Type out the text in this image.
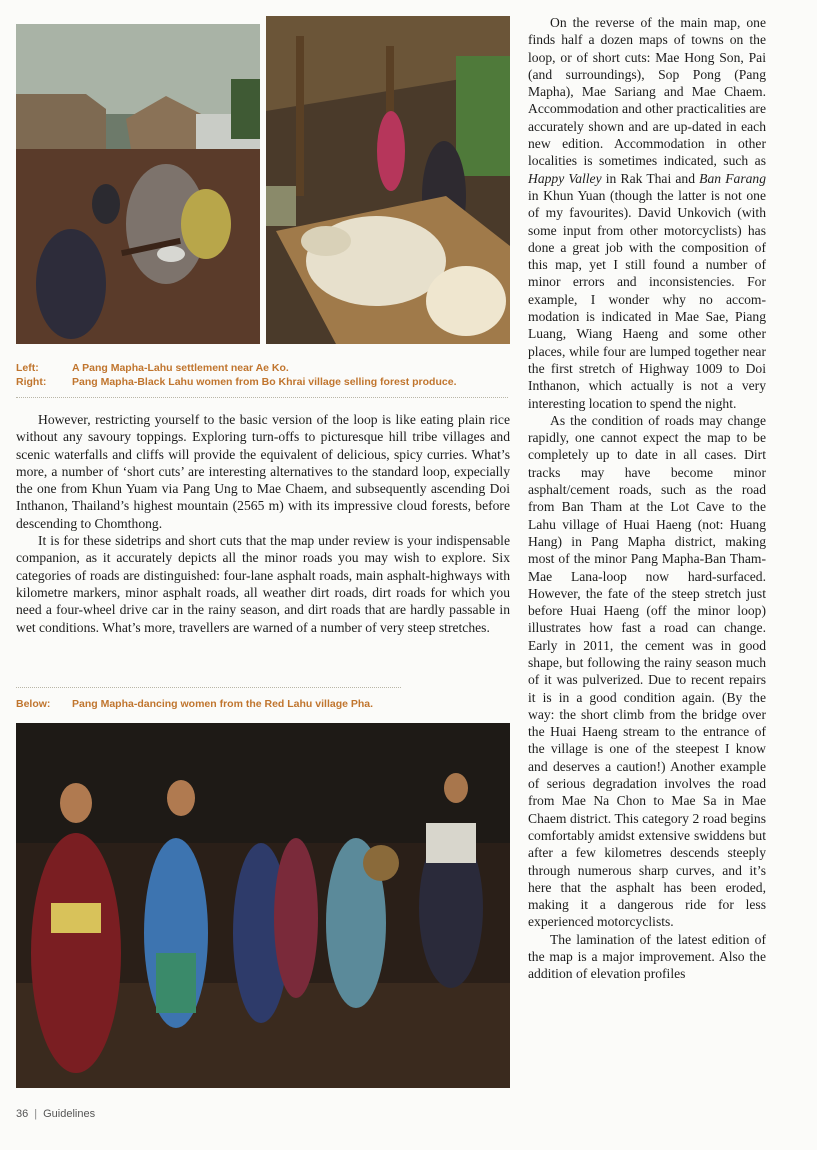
Left:	A Pang Mapha-Lahu settlement near Ae Ko.
Right: Pang Mapha-Black Lahu women from Bo Khrai village selling forest produce.

However, restricting yourself to the basic version of the loop is like eating plain rice without any savoury toppings. Exploring turn-offs to picturesque hill tribe villages and scenic waterfalls and cliffs will provide the equivalent of delicious, spicy curries. What’s more, a number of ‘short cuts’ are interesting alternatives to the standard loop, expecially the one from Khun Yuam via Pang Ung to Mae Chaem, and subsequently ascending Doi Inthanon, Thailand’s highest mountain (2565 m) with its impressive cloud forests, before descending to Chomthong.

It is for these sidetrips and short cuts that the map under review is your indispensable companion, as it accurately depicts all the minor roads you may wish to explore. Six categories of roads are distinguished: four-lane asphalt roads, main asphalt-highways with kilometre markers, minor asphalt roads, all weather dirt roads, dirt roads for which you need a four-wheel drive car in the rainy season, and dirt roads that are hardly passable in wet conditions. What’s more, travellers are warned of a number of very steep stretches.

Below: Pang Mapha-dancing women from the Red Lahu village Pha.

On the reverse of the main map, one finds half a dozen maps of towns on the loop, or of short cuts: Mae Hong Son, Pai (and surroundings), Sop Pong (Pang Mapha), Mae Sariang and Mae Chaem. Accommodation and other practicalities are accurately shown and are up-dated in each new edition. Accommodation in other localities is sometimes indicated, such as Happy Valley in Rak Thai and Ban Farang in Khun Yuan (though the latter is not one of my favourites). David Unkovich (with some input from other motorcyclists) has done a great job with the composition of this map, yet I still found a number of minor errors and inconsistencies. For example, I wonder why no accom-modation is indicated in Mae Sae, Piang Luang, Wiang Haeng and some other places, while four are lumped together near the first stretch of Highway 1009 to Doi Inthanon, which actually is not a very interesting location to spend the night.

As the condition of roads may change rapidly, one cannot expect the map to be completely up to date in all cases. Dirt tracks may have become minor asphalt/cement roads, such as the road from Ban Tham at the Lot Cave to the Lahu village of Huai Haeng (not: Huang Hang) in Pang Mapha district, making most of the minor Pang Mapha-Ban Tham-Mae Lana-loop now hard-surfaced. However, the fate of the steep stretch just before Huai Haeng (off the minor loop) illustrates how fast a road can change. Early in 2011, the cement was in good shape, but following the rainy season much of it was pulverized. Due to recent repairs it is in a good condition again. (By the way: the short climb from the bridge over the Huai Haeng stream to the entrance of the village is one of the steepest I know and deserves a caution!) Another example of serious degradation involves the road from Mae Na Chon to Mae Sa in Mae Chaem district. This category 2 road begins comfortably amidst extensive swiddens but after a few kilometres descends steeply through numerous sharp curves, and it’s here that the asphalt has been eroded, making it a dangerous ride for less experienced motorcyclists.

The lamination of the latest edition of the map is a major improvement. Also the addition of elevation profiles

36 | Guidelines
